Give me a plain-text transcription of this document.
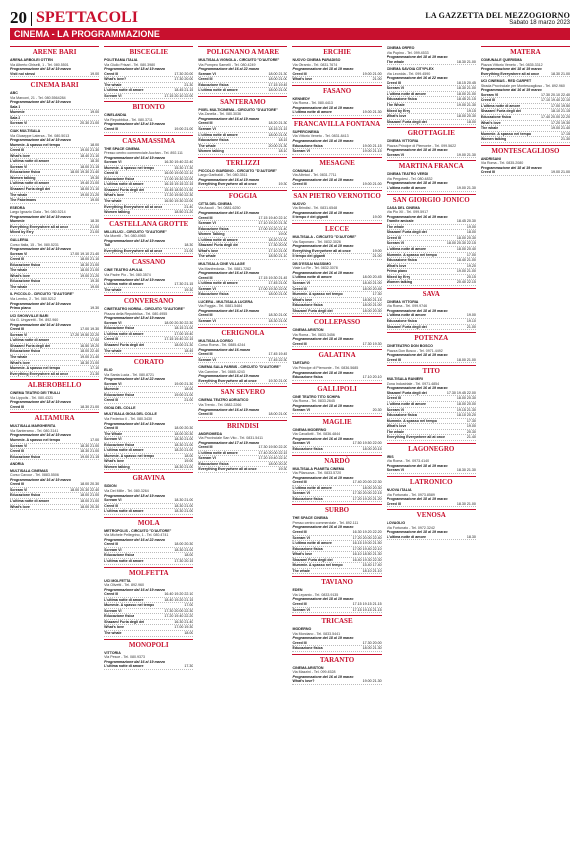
20 SPETTACOLI	LA GAZZETTA DEL MEZZOGIORNO
Sabato 18 marzo 2023
CINEMA - LA PROGRAMMAZIONE
ARENE BARI
ARENA ARBOLEI OTTEN
Via Alberto Ghiselli, 1 - Tel. 080.5501
Programmazione del 18 al 19 marzo
Visti noi stessi	19.00
CINEMA BARI
ABC
Via Marconi, 21 - Tel. 080.5564284
Programmazione del 18 al 19 marzo
Sala 1
Mummie	19.00
Sala 2
Scream VI	20.30 21.00
CIAK MULTISALA
Via Giuseppe Laterza - Tel. 080.5013
Programmazione dal 16 al 19 marzo
Mummie. A spasso nel tempo	18.00
Creed III	19.00 21.30
What's love	18.40 21.10
L'ultima notte di amore	18.30
Scream VI	18.00 21.15
Educazione fisica	18.00 19.30 21.40
Women talking	19.30
L'ultima notte di amore	19.40 21.00
Shazam! Furia degli dei	18.00 21.10
The whale	19.00 21.20
The Fabelmans	19.00
ESEDRA
Largo Ignazio Ciaia - Tel. 080.5214
Programmazione del 16 al 19 marzo
Mummie	18.30
Everything Everywhere all at once	21.00
Mixed by Erry	21.00
GALLERIA
Corso Italia, 15 - Tel. 080.5231
Programmazione del 16 al 19 marzo
Scream VI	17.00 19.10 21.40
Creed III	18.00 21.10
Educazione fisica	18.30 21.00
The whale	18.00 21.00
What's love	19.00 21.20
Educazione fisica	19.30
The whale	19.00
IL PICCOLO - CIRCUITO "D'AUTORE"
Via Lembo, 2 - Tel. 080.5212
Programmazione del 16 al 19 marzo
Primo piano	19.30
UCI SHOWVILLE BARI
Via G. Ungaretti - Tel. 892.960
Programmazione dal 16 al 19 marzo
Creed III	17.00 19.30
Scream VI	17.20 19.50 22.20
L'ultima notte di amore	17.00
Shazam! Furia degli dei	16.50 19.20
Educazione fisica	18.00 22.40
The whale	19.00 21.40
What's love	18.30 21.00
Mummie. A spasso nel tempo	17.10
Everything Everywhere all at once	21.30
ALBEROBELLO
CINEMA TEATRO DEI TRULLI
Via Lippolis - Tel. 080.4321
Programmazione del 18 al 19 marzo
Creed III	18.30 21.00
ALTAMURA
MULTISALA MARGHERITA
Via Santeramo - Tel. 080.3141
Programmazione del 16 al 19 marzo
Mummie. A spasso nel tempo	17.00
Scream VI	18.30 21.00
Creed III	18.30 21.00
Educazione fisica	19.00 21.15
ANDRIA
MULTISALA CINEMAS
Corso Cavour - Tel. 0883.5506
Programmazione dal 16 al 19 marzo
Creed III	18.00 20.30
Scream VI	18.00 20.30 22.40
Educazione fisica	18.00 21.00
L'ultima notte di amore	18.00 21.00
What's love	18.00 20.30
BISCEGLIE
POLITEAMA ITALIA
Via Giulio Frisari - Tel. 080.3980
Programmazione del 18 al 19 marzo
Creed III	17.30 20.00
What's love?	17.30 20.00
The whale	21.30
L'ultima notte di amore	18.45 21.15
Scream VI	17.15 20.10 22.00
BITONTO
CINELANDIA
Via Repubblica - Tel. 080.3711
Programmazione del 18 al 19 marzo
Creed III	19.00 21.00
CASAMASSIMA
THE SPACE CINEMA
Presso centro commerciale Auchan - Tel. 892.111
Programmazione del 16 al 19 marzo
Scream VI	16.30 19.40 22.40
Mummie. A spasso nel tempo	15.30 17.30
Creed III	16.00 19.00 22.10
Educazione fisica	17.00 19.30 22.00
L'ultima notte di amore	16.15 19.15 22.15
Shazam! Furia degli dei	15.45 18.50 21.50
What's love	17.20 19.50 22.30
The whale	16.50 19.30 22.00
Everything Everywhere all at once	21.40
Women talking	18.50 21.20
CASTELLANA GROTTE
MILLELUCI - CIRCUITO "D'AUTORE"
Via Morelli - Tel. 080.4965
Programmazione del 18 al 19 marzo
Tull	18.30
Everything Everywhere all at once	21.00
CASSANO
CINE TEATRO APULIA
Via Padre Pio - Tel. 080.3574
Programmazione del 18 al 19 marzo
L'ultima notte di amore	17.30 21.15
The whale	19.30
CONVERSANO
CINETEATRO NORBA - CIRCUITO "D'AUTORE"
Piazza della Repubblica - Tel. 080.4955
Programmazione del 18 al 19 marzo
Scream VI	18.00 20.30 22.30
Educazione fisica	18.15 21.00
L'ultima notte di amore	17.00 19.40
Creed III	17.15 19.40 22.15
Shazam! Furia degli dei	18.00 21.30
The whale	18.45
CORATO
ELIO
Via Santa Lucia - Tel. 080.8721
Programmazione del 18 al 22 marzo
Scream VI	19.00 21.30
Mummie	18.00
Educazione fisica	19.00 21.00
Creed III	21.00
GIOIA DEL COLLE
MULTISALA GIOIA DEL COLLE
Via Federico II - Tel. 080.3430
Programmazione del 16 al 19 marzo
Creed III	18.00 20.30
The Whale	18.00 20.30
Scream VI	18.30 21.00
Educazione fisica	18.30 21.00
L'ultima notte di amore	18.20 21.00
Mummie. A spasso nel tempo	18.00
What's love	19.00
Women talking	18.30 21.00
GRAVINA
SIDION
Via Dei Mille - Tel. 080.3264
Programmazione del 18 al 19 marzo
Scream VI	18.30 21.00
Creed III	18.30 21.00
L'ultima notte di amore	18.30 21.00
MOLA
METROPOLIS - CIRCUITO "D'AUTORE"
Via Michele Pellegrino, 1 - Tel. 080.4741
Programmazione del 16 al 22 marzo
Creed III	18.00 20.30
Scream VI	18.30 21.00
Educazione fisica	18.00
L'ultima notte di amore	17.30 20.15
MOLFETTA
UCI MOLFETTA
Via Olivetti - Tel. 892.960
Programmazione dal 16 al 19 marzo
Creed III	16.40 19.20 22.10
L'ultima notte di amore	18.40 19.20 21.15
Mummie. A spasso nel tempo	17.00
Scream VI	17.30 20.00 22.30
Educazione fisica	17.20 19.40 22.20
Shazam! Furia degli dei	16.30 21.40
What's love	17.00 19.30
The whale	18.00
MONOPOLI
VITTORIA
Via Pesce - Tel. 080.9373
Programmazione dal 16 al 19 marzo
L'ultima notte di amore	17.30
POLIGNANO A MARE
MULTISALA VIGNOLA - CIRCUITO "D'AUTORE"
Via Pompeo Sarnelli - Tel. 080.4249
Programmazione del 16 al 22 marzo
Scream VI	18.00 21.30
Creed III	18.00 21.00
Educazione fisica	17.15 19.45
L'ultima notte di amore	18.00 21.00
SANTERAMO
PIXEL MULTICINEMA - CIRCUITO "D'AUTORE"
Via Zanella - Tel. 080.3036
Programmazione del 16 al 19 marzo
Creed III	18.20 21.30
Scream VI	18.15 21.15
L'ultima notte di amore	18.00 21.00
Educazione fisica	18.15
The whale	20.00 21.30
Women talking	18.10
TERLIZZI
PICCOLO GIARDINO - CIRCUITO "D'AUTORE"
Largo Garibaldi - Tel. 080.3511
Programmazione del 16 al 19 marzo
Everything Everywhere all at once	19.30
FOGGIA
CITTA DEL CINEMA
Via Ascoli - Tel. 0881.6250
Programmazione del 16 al 19 marzo
Creed III	17.15 19.40 22.10
Scream VI	17.10 19.20 21.30
Educazione fisica	17.00 19.20 21.40
Women Talking	19.00
L'ultima notte di amore	18.20 21.00
Shazam! Furia degli dei	17.30 20.00
What's love	17.10 21.00
The whale	18.50 21.10
MULTISALA CINE VILLAGE
Via Manfredonia - Tel. 0881.7262
Programmazione del 16 al 19 marzo
Creed III	17.15 19.30 21.45
L'ultima notte di amore	17.45 21.00
Scream VI	17.00 19.30 22.00
Educazione fisica	18.00 21.00
LUCERA - MULTISALA LUCERA
Via Foggia - Tel. 0881.5484
Programmazione del 16 al 19 marzo
Creed III	18.30 21.00
Scream VI	18.30 21.00
CERIGNOLA
MULTISALA CORSO
Corso Roma - Tel. 0885.4244
Programmazione dal 16 marzo
Creed III	17.45 19.45
Scream VI	17.45 22.30
CINEMA SALA FARBIS - CIRCUITO "D'AUTORE"
Via Carmine - Tel. 0885.4243
Programmazione del 16 al 19 marzo
Everything Everywhere all at once	19.30 21.00
SAN SEVERO
CINEMA TEATRO ADRIATICO
Via Trento - Tel. 0882.2266
Programmazione del 16 al 19 marzo
Creed III	18.00 21.00
BRINDISI
ANDROMEDA
Via Provinciale San Vito - Tel. 0831.5411
Programmazione dal 17 al 19 marzo
Creed III	17.30 19.50 22.20
L'ultima notte di amore	17.40 20.00 22.15
Scream VI	17.20 19.40 22.10
Educazione fisica	18.00 20.20
Everything Everywhere all at once	19.30
ERCHIE
NUOVO CINEMA PARADISO
Via Otranto - Tel. 0831.7674
Programmazione del 18 al 19 marzo
Creed III	19.00 21.00
What's love	21.00
FASANO
KENNEDY
Via Roma - Tel. 080.4413
Programmazione del 18 al 19 marzo
L'ultima notte di amore	19.00 21.30
FRANCAVILLA FONTANA
SUPERCINEMA
Via Vittorio Veneto - Tel. 0831.8413
Programmazione del 18 al 19 marzo
Educazione fisica	19.00 21.15
Scream VI	19.00 21.15
MESAGNE
COMUNALE
Via Albricci - Tel. 0831.7711
Programmazione del 18 al 19 marzo
Creed III	19.00 21.00
SAN PIETRO VERNOTICO
NUOVO
Via Brindisi - Tel. 0831.6548
Programmazione del 18 al 19 marzo
Il tempo è dei giganti	19.00
LECCE
MULTISALA - CIRCUITO "D'AUTORE"
Via Saponaro - Tel. 0832.3026
Programmazione del 16 al 19 marzo
Everything Everywhere all at once	19.00
Il tempo dei giganti	21.00
DB D'ESSAI MASSIMO
Viale Lo Re - Tel. 0832.3078
Programmazione del 16 al 19 marzo
L'ultima notte di amore	18.00 20.45
Scream VI	18.40 21.00
Creed III	18.00 20.45
Mummie. A spasso nel tempo	17.30
What's love	18.50 21.15
Educazione fisica	18.00 21.00
Shazam! Furia degli dei	18.00 20.30
COLLEPASSO
CINEMA ARISTON
Via Roma - Tel. 0833.3456
Programmazione del 18 al 19 marzo
Creed III	17.30 19.30
GALATINA
TARTARO
Via Principe di Piemonte - Tel. 0836.5685
Programmazione del 18 al 19 marzo
Educazione fisica	17.10 20.10
GALLIPOLI
CINE TEATRO TITO SCHIPA
Via Roma - Tel. 0833.2645
Programmazione del 18 al 19 marzo
Scream VI	20.30
MAGLIE
CINEMA MODERNO
Via Cavallotti - Tel. 0836.4844
Programmazione del 16 al 19 marzo
Scream VI	17.50 19.50 22.00
Educazione fisica	18.00 20.15
NARDÒ
MULTISALA PIANETA CINEMA
Via Pilanuova - Tel. 0833.5720
Programmazione del 16 al 19 marzo
Creed III	17.40 20.00 22.30
L'ultima notte di amore	18.00 20.30
Scream VI	17.30 20.00 22.15
Educazione fisica	17.20 19.20 21.20
SURBO
THE SPACE CINEMA
Presso centro commerciale - Tel. 892.111
Programmazione del 16 al 19 marzo
Creed III	16.30 19.20 22.20
Scream VI	17.20 20.00 22.40
L'ultima notte di amore	16.15 19.00 21.50
Educazione fisica	17.00 19.40 22.10
What's love	16.10 18.50 21.30
Shazam! Furia degli dei	16.40 19.30 22.30
Mummie. A spasso nel tempo	15.40 17.40
The whale	18.10 21.10
TAVIANO
EDEN
Via Lepanto - Tel. 0833.9135
Programmazione del 18 al 19 marzo
Creed III	17.15 19.15 21.15
Scream VI	17.15 19.15 21.15
TRICASE
MODERNO
Via Morciano - Tel. 0833.5441
Programmazione del 18 al 19 marzo
Creed III	17.30 20.00
Educazione fisica	18.00 21.30
TARANTO
CINEMA ARISTON
Via Mazzini - Tel. 099.4528
Programmazione del 16 al 19 marzo
What's love?	19.00 21.30
CINEMA ORFEO
Via Pupino - Tel. 099.4533
Programmazione del 18 al 19 marzo
The whale	18.30 21.00
CINEMA SAVOIA CITYPLEX
Via Leonida - Tel. 099.4590
Programmazione del 16 al 22 marzo
Creed III	18.15 20.45
Scream VI	18.30 21.00
L'ultima notte di amore	18.00 21.00
Educazione fisica	18.45 21.15
The Whale	19.00 21.30
Mixed by Erry	19.15
What's love	18.00 20.30
Shazam! Furia degli dei	18.00
GROTTAGLIE
CINEMA VITTORIA
Piazza Principe di Piemonte - Tel. 099.5622
Programmazione del 18 al 19 marzo
Scream VI	19.00 21.30
MARTINA FRANCA
CINEMA TEATRO VERDI
Via Pergolesi - Tel. 080.4832
Programmazione del 18 al 19 marzo
L'ultima notte di amore	19.00 21.30
SAN GIORGIO JONICO
CASA DEL CINEMA
Via Pio XII - Tel. 099.5917
Programmazione del 16 al 19 marzo
Tramite amicale	18.45 20.30
The whale	19.00
Shazam! Furia degli dei	18.00
Creed III	18.00 20.30
Scream VI	18.00 20.30 22.15
L'ultima notte di amore	18.00 20.40
Mummie. A spasso nel tempo	17.00
Educazione fisica	18.40 21.00
What's love	19.20
Primo piano	19.00 21.00
Mixed by Erry	20.15
Women talking	20.40 22.15
SAVA
CINEMA VITTORIA
Via Roma - Tel. 099.9746
Programmazione del 18 al 19 marzo
L'ultima notte di amore	19.00
Educazione fisica	19.10
Shazam! Furia degli dei	21.00
POTENZA
CINETEATRO DON BOSCO
Piazza Don Bosco - Tel. 0971.4492
Programmazione del 18 al 19 marzo
Creed III	18.00 21.00
TITO
MULTISALA RANIERI
Zona Industriale - Tel. 0971.4854
Programmazione del 16 al 19 marzo
Shazam! Furia degli dei	17.30 19.45 22.00
Creed III	18.00 20.30
L'ultima notte di amore	18.00 20.00
Scream VI	19.15 21.30
Educazione fisica	18.10 20.20
Mummie. A spasso nel tempo	17.30
What's love	19.00
The whale	20.30
Everything Everywhere all at once	21.40
LAGONEGRO
IRIS
Via Roma - Tel. 0973.4140
Programmazione del 18 al 19 marzo
Scream VI	18.30 21.30
LATRONICO
NUOVA ITALIA
Via Fortunato - Tel. 0973.8589
Programmazione del 18 al 19 marzo
Creed III	18.30 21.00
VENOSA
LOVAGLIO
Via Fortunato - Tel. 0972.3242
Programmazione del 18 al 19 marzo
L'ultima notte di amore	18.30
MATERA
COMUNALE QUERISMA
Piazza Vittorio Veneto - Tel. 0835.3312
Programmazione del 18 al 19 marzo
Everything Everywhere all at once	18.30 21.00
UCI CINEMAS - RED CARPET
Strada Provinciale per Montescaglioso - Tel. 892.960
Programmazione dal 16 al 19 marzo
Scream VI	17.30 20.10 22.40
Creed III	17.10 19.40 22.10
L'ultima notte di amore	17.00 19.50
Shazam! Furia degli dei	18.10 21.15
Educazione fisica	17.40 20.00 22.20
What's love	17.20 19.30
The whale	19.00 21.40
Mummie. A spasso nel tempo	17.15
Women talking	21.30
MONTESCAGLIOSO
ANDRISANI
Via Roma - Tel. 0835.2080
Programmazione del 18 al 19 marzo
Creed III	19.00 21.00
